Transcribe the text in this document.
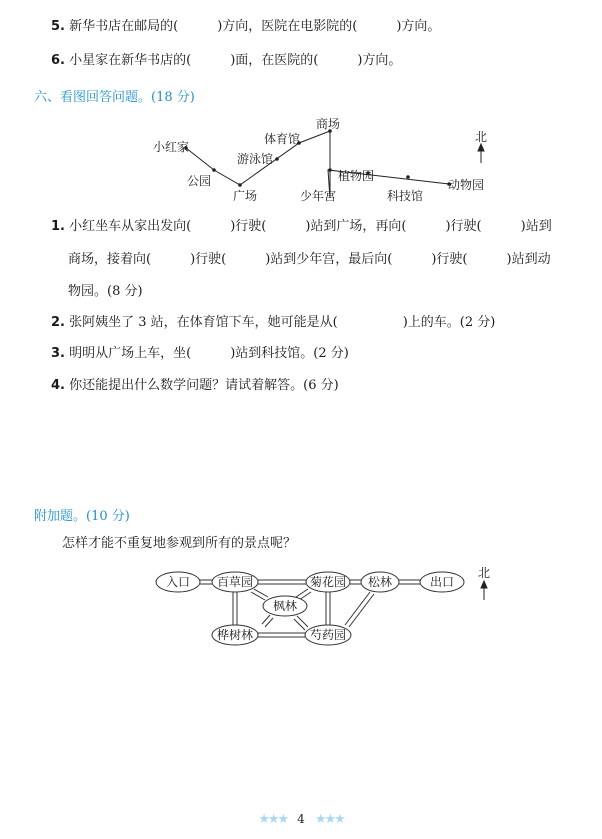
5. 新华书店在邮局的(　　　)方向，医院在电影院的(　　　)方向。
6. 小星家在新华书店的(　　　)面，在医院的(　　　)方向。
六、看图回答问题。(18 分)
小红家
公园
广场
游泳馆
体育馆
商场
少年宫
植物园
科技馆
动物园
北
入口 百草园	菊花园 松林	出口
枫林
桦树林	芍药园
北
1. 小红坐车从家出发向(　　　)行驶(　　　)站到广场，再向(　　　)行驶(　　　)站到
商场，接着向(　　　)行驶(　　　)站到少年宫，最后向(　　　)行驶(　　　)站到动
物园。(8 分)
2. 张阿姨坐了 3 站，在体育馆下车，她可能是从(　　　　　)上的车。(2 分)
3. 明明从广场上车，坐(　　　)站到科技馆。(2 分)
4. 你还能提出什么数学问题？请试着解答。(6 分)
附加题。(10 分)
怎样才能不重复地参观到所有的景点呢？
★★★ 4 ★★★
